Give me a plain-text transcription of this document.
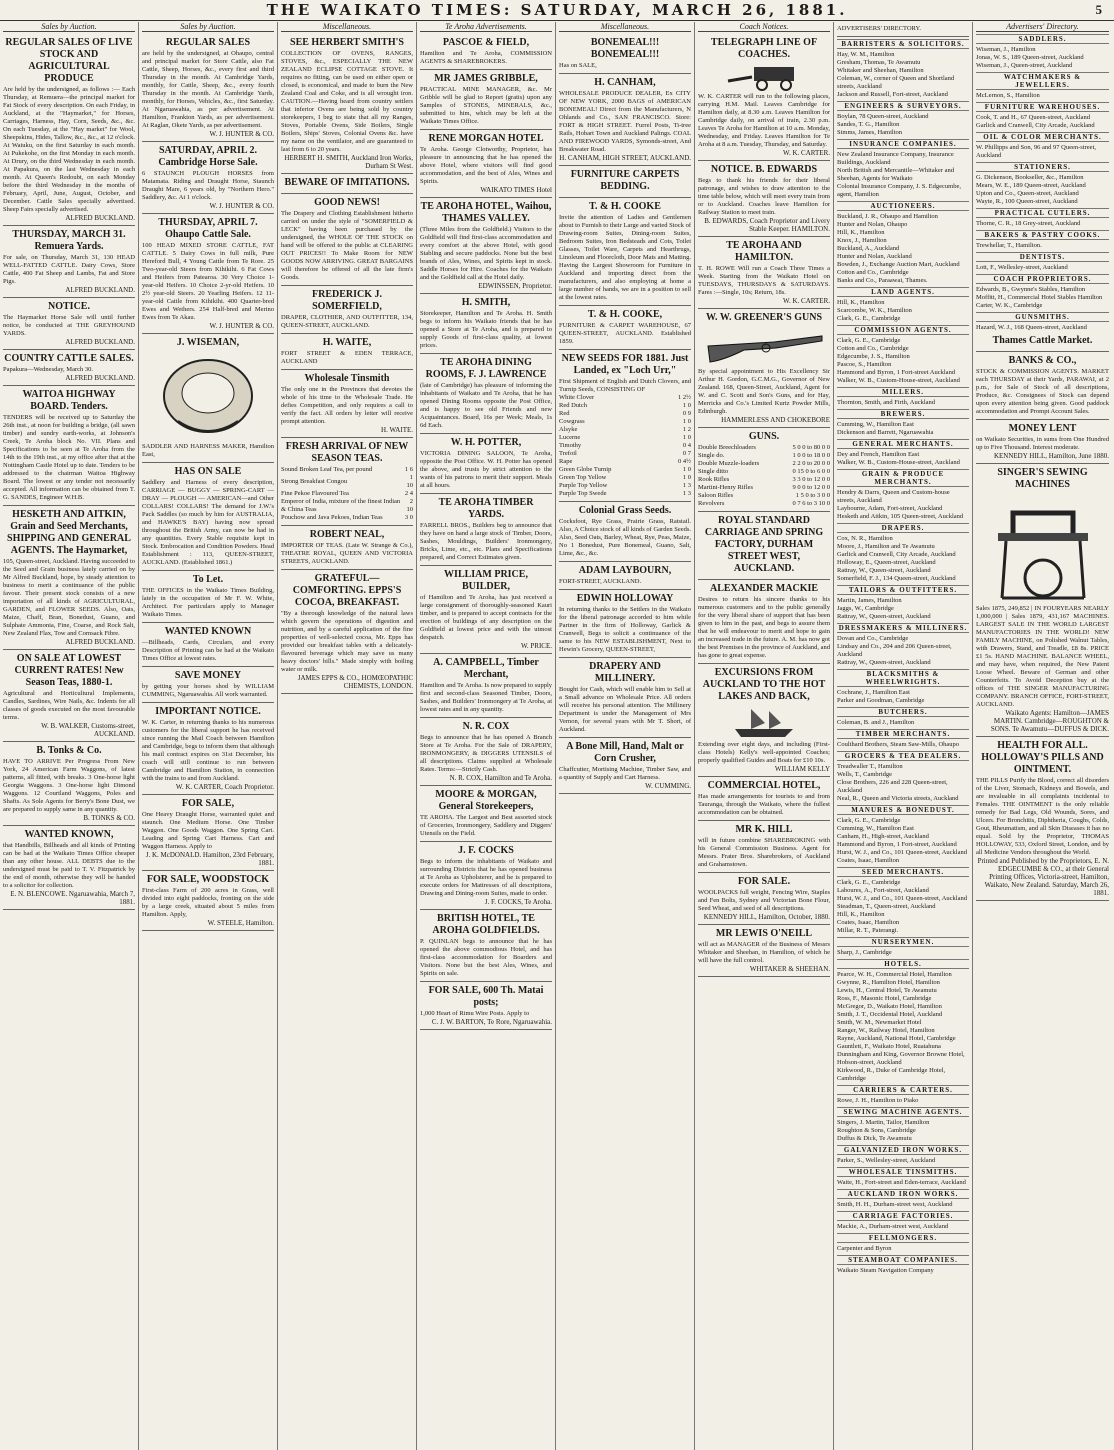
THE WAIKATO TIMES: SATURDAY, MARCH 26, 1881.	5
Sales by Auction.
REGULAR SALES OF LIVE STOCK AND AGRICULTURAL PRODUCE
Are held by the undersigned, as follows :— Each Thursday, at Remuera—the principal market for Fat Stock of every description. On each Friday, in Auckland, at the "Haymarket," for Horses, Carriages, Harness, Hay, Corn, Seeds, &c., &c. On each Tuesday, at the "Hay market" for Wool, Sheepskins, Hides, Tallow, &c., &c., at 12 o'clock. At Waiuku, on the first Saturday in each month. At Pukekohe, on the first Monday in each month. At Drury, on the third Wednesday in each month. At Papakura, on the last Wednesday in each month. At Queen's Redoubt, on each Monday before the third Wednesday in the months of February, April, June, August, October, and December. Cattle Sales specially advertised. Sheep Fairs specially advertised.
ALFRED BUCKLAND.
THURSDAY, MARCH 31. Remuera Yards.
For sale, on Thursday, March 31, 130 HEAD WELL-FATTED CATTLE. Dairy Cows, Store Cattle, 400 Fat Sheep and Lambs, Fat and Store Pigs.
ALFRED BUCKLAND.
NOTICE.
The Haymarket Horse Sale will until further notice, be conducted at THE GREYHOUND YARDS.
ALFRED BUCKLAND.
COUNTRY CATTLE SALES.
Papakura—Wednesday, March 30.
ALFRED BUCKLAND.
WAITOA HIGHWAY BOARD. Tenders.
TENDERS will be received up to Saturday the 26th inst., at noon for building a bridge, (all sawn timber) and sundry earth-works, at Johnson's Creek, Te Aroha block No. VII. Plans and Specifications to be seen at Te Aroha from the 14th to the 19th inst., at my office after that at the Nottingham Castle Hotel up to date. Tenders to be addressed to the chairman Waitoa Highway Board. The lowest or any tender not necessarily accepted. All information can be obtained from T. G. SANDES, Engineer W.H.B.
HESKETH AND AITKIN, Grain and Seed Merchants, SHIPPING AND GENERAL AGENTS. The Haymarket,
105, Queen-street, Auckland. Having succeeded to the Seed and Grain business lately carried on by Mr Alfred Buckland, hope, by steady attention to business to merit a continuance of the public favour. Their present stock consists of a new importation of all kinds of AGRICULTURAL, GARDEN, and FLOWER SEEDS. Also, Oats, Maize, Chaff, Bran, Bonedust, Guano, and Sulphate Ammonia, Fine, Coarse, and Rock Salt, New Zealand Flax, Tow and Cornsack Fibre.
ALFRED BUCKLAND.
ON SALE AT LOWEST CURRENT RATES! New Season Teas, 1880-1.
Agricultural and Horticultural Implements, Candles, Sardines, Wire Nails, &c. Indents for all classes of goods executed on the most favourable terms.
W. B. WALKER, Customs-street, AUCKLAND.
B. Tonks & Co.
HAVE TO ARRIVE Per Progress From New York, 24 American Farm Waggons, of latest patterns, all fitted, with breaks. 3 One-horse light Georgia Waggons. 3 One-horse light Dimond Waggons. 12 Courtland Waggons, Poles and Shafts. As Sole Agents for Berry's Bone Dust, we are prepared to supply same in any quantity.
B. TONKS & CO.
WANTED KNOWN,
that Handbills, Billheads and all kinds of Printing can be had at the Waikato Times Office cheaper than any other house. ALL DEBTS due to the undersigned must be paid to T. V. Fitzpatrick by the end of month, otherwise they will be handed to a solicitor for collection.
E. N. BLENCOWE. Ngaruawahia, March 7, 1881.
Sales by Auction.
REGULAR SALES
are held by the undersigned, at Ohaupo, central and principal market for Store Cattle, also Fat Cattle, Sheep, Horses, &c., every first and third Thursday in the month. At Cambridge Yards, monthly, for Cattle, Sheep, &c., every fourth Thursday in the month. At Cambridge Yards, monthly, for Horses, Vehicles, &c., first Saturday. At Ngaruawahia, as per advertisement. At Hamilton, Frankton Yards, as per advertisement. At Raglan, Okete Yards, as per advertisement.
W. J. HUNTER & CO.
SATURDAY, APRIL 2. Cambridge Horse Sale.
6 STAUNCH PLOUGH HORSES from Matamata. Riding and Draught Horse, Staunch Draught Mare, 6 years old, by "Northern Hero." Saddlery, &c. At 1 o'clock.
W. J. HUNTER & CO.
THURSDAY, APRIL 7. Ohaupo Cattle Sale.
100 HEAD MIXED STORE CATTLE, FAT CATTLE. 5 Dairy Cows in full milk, Pure Hereford Bull, 4 Young Cattle from Te Rore. 25 Two-year-old Steers from Kihikihi. 6 Fat Cows and Heifers from Patearoa. 30 Very Choice 1-year-old Heifers. 10 Choice 2-yr-old Heifers. 10 2½ year-old Steers. 20 Yearling Heifers. 12 11-year-old Cattle from Kihikihi. 400 Quarter-bred Ewes and Wethers. 254 Half-bred and Merino Ewes from Te Akau.
W. J. HUNTER & CO.
J. WISEMAN,
SADDLER AND HARNESS MAKER, Hamilton East,
HAS ON SALE
Saddlery and Harness of every description, CARRIAGE — BUGGY — SPRING-CART — DRAY — PLOUGH — AMERICAN—and Other COLLARS! COLLARS! The demand for J.W.'s Pack Saddles (so much by him for AUSTRALIA, and HAWKE'S BAY) having now spread throughout the British Army, can now be had in any quantities. Every Stable requisite kept in Stock. Embrocation and Condition Powders. Head Establishment : 113, QUEEN-STREET, AUCKLAND. (Established 1861.)
To Let.
THE OFFICES in the Waikato Times Building, lately in the occupation of Mr F. W. White, Architect. For particulars apply to Manager Waikato Times.
WANTED KNOWN
—Billheads, Cards, Circulars, and every Description of Printing can be had at the Waikato Times Office at lowest rates.
SAVE MONEY
by getting your horses shod by WILLIAM CUMMING, Ngaruawahia. All work warranted.
IMPORTANT NOTICE.
W. K. Carter, in returning thanks to his numerous customers for the liberal support he has received since running the Mail Coach between Hamilton and Cambridge, begs to inform them that although his mail contract expires on 31st December, his coach will still continue to run between Cambridge and Hamilton Station, in connection with the trains to and from Auckland.
W. K. CARTER, Coach Proprietor.
FOR SALE,
One Heavy Draught Horse, warranted quiet and staunch. One Medium Horse. One Timber Waggon. One Goods Waggon. One Spring Cart. Leading and Spring Cart Harness. Cart and Waggon Harness. Apply to
J. K. McDONALD. Hamilton, 23rd February, 1881.
FOR SALE, WOODSTOCK
First-class Farm of 200 acres in Grass, well divided into eight paddocks, fronting on the side by a large creek, situated about 5 miles from Hamilton. Apply,
W. STEELE, Hamilton.
Miscellaneous.
SEE HERBERT SMITH'S
COLLECTION OF OVENS, RANGES, STOVES, &c., ESPECIALLY THE NEW ZEALAND ECLIPSE COTTAGE STOVE. It requires no fitting, can be used on either open or closed, is economical, and made to burn the New Zealand Coal and Coke, and is all wrought iron. CAUTION.—Having heard from country settlers that inferior Ovens are being sold by country storekeepers, I beg to state that all my Ranges, Stoves, Portable Ovens, Side Boilers, Single Boilers, Ships' Stoves, Colonial Ovens &c. have my name on the ventilator, and are guaranteed to last from 6 to 20 years.
HERBERT H. SMITH, Auckland Iron Works, Durham St West.
BEWARE OF IMITATIONS.
GOOD NEWS!
The Drapery and Clothing Establishment hitherto carried on under the style of "SOMERFIELD & LECK" having been purchased by the undersigned, the WHOLE OF THE STOCK on hand will be offered to the public at CLEARING OUT PRICES!! To Make Room for NEW GOODS NOW ARRIVING. GREAT BARGAINS will therefore be offered of all the late firm's Goods.
FREDERICK J. SOMERFIELD,
DRAPER, CLOTHIER, AND OUTFITTER, 134, QUEEN-STREET, AUCKLAND.
H. WAITE,
FORT STREET & EDEN TERRACE, AUCKLAND
Wholesale Tinsmith
The only one in the Provinces that devotes the whole of his time to the Wholesale Trade. He defies Competition, and only requires a call to verify the fact. All orders by letter will receive prompt attention.
H. WAITE.
FRESH ARRIVAL OF NEW SEASON TEAS.
Sound Broken Leaf Tea, per pound	1 6
Strong Breakfast Congou	1 10
Fine Pekoe Flavoured Tea	2 4
Emperor of India, mixture of the finest Indian & China Teas	2 10
Pouchow and Java Pekoes, Indian Teas	3 0
ROBERT NEAL,
IMPORTER OF TEAS. (Late W. Strange & Co.), THEATRE ROYAL, QUEEN AND VICTORIA STREETS, AUCKLAND.
GRATEFUL—COMFORTING. EPPS'S COCOA, BREAKFAST.
"By a thorough knowledge of the natural laws which govern the operations of digestion and nutrition, and by a careful application of the fine properties of well-selected cocoa, Mr. Epps has provided our breakfast tables with a delicately-flavoured beverage which may save us many heavy doctors' bills." Made simply with boiling water or milk.
JAMES EPPS & CO., HOMŒOPATHIC CHEMISTS, LONDON.
Te Aroha Advertisements.
PASCOE & FIELD,
Hamilton and Te Aroha, COMMISSION AGENTS & SHAREBROKERS.
MR JAMES GRIBBLE,
PRACTICAL MINE MANAGER, &c. Mr Gribble will be glad to Report (gratis) upon any Samples of STONES, MINERALS, &c., submitted to him, which may be left at the Waikato Times Office.
RENE MORGAN HOTEL
Te Aroha. George Clotworthy, Proprietor, has pleasure in announcing that he has opened the above Hotel, where visitors will find good accommodation, and the best of Ales, Wines and Spirits.
WAIKATO TIMES Hotel
TE AROHA HOTEL, Waihou, THAMES VALLEY.
(Three Miles from the Goldfield.) Visitors to the Goldfield will find first-class accommodation and every comfort at the above Hotel, with good Stabling and secure paddocks. None but the best brands of Ales, Wines, and Spirits kept in stock. Saddle Horses for Hire. Coaches for the Waikato and the Goldfield call at the Hotel daily.
EDWINSSEN, Proprietor.
H. SMITH,
Storekeeper, Hamilton and Te Aroha. H. Smith begs to inform his Waikato friends that he has opened a Store at Te Aroha, and is prepared to supply Goods of first-class quality, at lowest prices.
TE AROHA DINING ROOMS, F. J. LAWRENCE
(late of Cambridge) has pleasure of informing the inhabitants of Waikato and Te Aroha, that he has opened Dining Rooms opposite the Post Office, and is happy to see old Friends and new Acquaintances. Board, 16s per Week; Meals, 1s 6d Each.
W. H. POTTER,
VICTORIA DINING SALOON, Te Aroha, opposite the Post Office. W. H. Potter has opened the above, and trusts by strict attention to the wants of his patrons to merit their support. Meals at all hours.
TE AROHA TIMBER YARDS.
FARRELL BROS., Builders beg to announce that they have on hand a large stock of Timber, Doors, Sashes, Mouldings, Builders' Ironmongery, Bricks, Lime, etc., etc. Plans and Specifications prepared, and Correct Estimates given.
WILLIAM PRICE, BUILDER,
of Hamilton and Te Aroha, has just received a large consignment of thoroughly-seasoned Kauri timber, and is prepared to accept contracts for the erection of buildings of any description on the Goldfield at lowest price and with the utmost despatch.
W. PRICE.
A. CAMPBELL, Timber Merchant,
Hamilton and Te Aroha. Is now prepared to supply first and second-class Seasoned Timber, Doors, Sashes, and Builders' Ironmongery at Te Aroha, at lowest rates and in any quantity.
N. R. COX
Begs to announce that he has opened A Branch Store at Te Aroha. For the Sale of DRAPERY, IRONMONGERY, & DIGGERS UTENSILS of all descriptions. Claims supplied at Wholesale Rates. Terms:—Strictly Cash.
N. R. COX, Hamilton and Te Aroha.
MOORE & MORGAN, General Storekeepers,
TE AROHA. The Largest and Best assorted stock of Groceries, Ironmongery, Saddlery and Diggers' Utensils on the Field.
J. F. COCKS
Begs to inform the inhabitants of Waikato and surrounding Districts that he has opened business at Te Aroha as Upholsterer, and he is prepared to execute orders for Mattresses of all descriptions, Drawing and Dining-room Suites, made to order.
J. F. COCKS, Te Aroha.
BRITISH HOTEL, TE AROHA GOLDFIELDS.
P. QUINLAN begs to announce that he has opened the above commodious Hotel, and has first-class accommodation for Boarders and Visitors. None but the best Ales, Wines, and Spirits on sale.
FOR SALE, 600 Th. Matai posts;
1,000 Heart of Rimu Wire Posts. Apply to
C. J. W. BARTON, Te Rore, Ngaruawahia.
Miscellaneous.
BONEMEAL!!! BONEMEAL!!!
Has on SALE,
H. CANHAM,
WHOLESALE PRODUCE DEALER, Ex CITY OF NEW YORK, 2000 BAGS of AMERICAN BONEMEAL! Direct from the Manufacturers, N Ohlands and Co., SAN FRANCISCO. Store: FORT & HIGH STREET. Furrel Posts, Ti-tree Rails, Hobart Town and Auckland Palings. COAL AND FIREWOOD YARDS, Symonds-street, And Breakwater Road.
H. CANHAM, HIGH STREET, AUCKLAND.
FURNITURE CARPETS BEDDING.
T. & H. COOKE
Invite the attention of Ladies and Gentlemen about to Furnish to their Large and varied Stock of Drawing-room Suites, Dining-room Suites, Bedroom Suites, Iron Bedsteads and Cots, Toilet Glasses, Toilet Ware, Carpets and Hearthrugs, Linoleum and Floorcloth, Door Mats and Matting. Having the Largest Showroom for Furniture in Auckland and importing direct from the manufacturers, and also employing at home a large number of hands, we are in a position to sell at the lowest rates.
T. & H. COOKE,
FURNITURE & CARPET WAREHOUSE, 67 QUEEN-STREET, AUCKLAND. Established 1859.
NEW SEEDS FOR 1881. Just Landed, ex "Loch Urr,"
First Shipment of English and Dutch Clovers, and Turnip Seeds, CONSISTING OF
White Clover	1 2½
Red Dutch	1 0
Red	0 9
Cowgrass	1 0
Alsyke	1 2
Lucerne	1 0
Timothy	0 4
Trefoil	0 7
Rape	0 4½
Green Globe Turnip	1 0
Green Top Yellow	1 0
Purple Top Yellow	1 3
Purple Top Swede	1 3
Colonial Grass Seeds.
Cocksfoot, Rye Grass, Prairie Grass, Ratstail. Also, A Choice stock of all kinds of Garden Seeds. Also, Seed Oats, Barley, Wheat, Rye, Peas, Maize, No 1 Bonedust, Pure Bonemeal, Guano, Salt, Lime, &c., &c.
ADAM LAYBOURN,
FORT-STREET, AUCKLAND.
EDWIN HOLLOWAY
In returning thanks to the Settlers in the Waikato for the liberal patronage accorded to him while Partner in the firm of Holloway, Garlick & Cranwell, Begs to solicit a continuance of the same to his NEW ESTABLISHMENT, Next to Hewin's Grocery, QUEEN-STREET,
DRAPERY AND MILLINERY.
Bought for Cash, which will enable him to Sell at a Small advance on Wholesale Price. All orders will receive his personal attention. The Millinery Department is under the Management of Mrs Vernon, for several years with Mr T. Short, of Auckland.
A Bone Mill, Hand, Malt or Corn Crusher,
Chaffcutter, Mortising Machine, Timber Saw, and a quantity of Supply and Cart Harness.
W. CUMMING.
Coach Notices.
TELEGRAPH LINE OF COACHES.
W. K. CARTER will run to the following places, carrying H.M. Mail. Leaves Cambridge for Hamilton daily, at 8.30 a.m. Leaves Hamilton for Cambridge daily, on arrival of train, 2.30 p.m. Leaves Te Aroha for Hamilton at 10 a.m. Monday, Wednesday, and Friday. Leaves Hamilton for Te Aroha at 8 a.m. Tuesday, Thursday, and Saturday.
W. K. CARTER.
NOTICE. B. EDWARDS
Begs to thank his friends for their liberal patronage, and wishes to draw attention to the time table below, which will meet every train from or to Auckland. Coaches leave Hamilton for Railway Station to meet train.
B. EDWARDS, Coach Proprietor and Livery Stable Keeper. HAMILTON.
TE AROHA AND HAMILTON.
T. H. ROWE Will run a Coach Three Times a Week. Starting from the Waikato Hotel on TUESDAYS, THURSDAYS & SATURDAYS. Fares :—Single, 10s; Return, 18s.
W. K. CARTER.
W. W. GREENER'S GUNS
By special appointment to His Excellency Sir Arthur H. Gordon, G.C.M.G., Governor of New Zealand. 168, Queen-Street, Auckland, Agent for W. and C. Scott and Son's Guns, and for Hay, Merricks and Co.'s Limited Kurtz Powder Mills, Edinburgh.
HAMMERLESS AND CHOKEBORE
GUNS.
Double Breechloaders	5 0 0 to 80 0 0
Single do.	1 0 0 to 18 0 0
Double Muzzle-loaders	2 2 0 to 20 0 0
Single ditto	0 15 0 to 6 0 0
Rook Rifles	3 3 0 to 12 0 0
Martini-Henry Rifles	9 0 0 to 12 0 0
Saloon Rifles	1 5 0 to 3 0 0
Revolvers	0 7 6 to 3 10 0
ROYAL STANDARD CARRIAGE AND SPRING FACTORY, DURHAM STREET WEST, AUCKLAND.
ALEXANDER MACKIE
Desires to return his sincere thanks to his numerous customers and to the public generally for the very liberal share of support that has been given to him in the past, and begs to assure them that he will endeavour to merit and hope to gain an increased trade in the future. A. M. has now got the best Premises in the province of Auckland, and has gone to great expense.
EXCURSIONS FROM AUCKLAND TO THE HOT LAKES AND BACK,
Extending over eight days, and including (First-class Hotels) Kelly's well-appointed Coaches; properly qualified Guides and Boats for £10 10s.
WILLIAM KELLY
COMMERCIAL HOTEL,
Has made arrangements for tourists to and from Tauranga, through the Waikato, where the fullest accommodation can be obtained.
MR K. HILL
will in future combine SHAREBROKING with his General Commission Business. Agent for Messrs. Frater Bros. Sharebrokers, of Auckland and Grahamstown.
FOR SALE.
WOOLPACKS full weight, Fencing Wire, Staples and Fen Bolts, Sydney and Victorian Bone Flour, Seed Wheat, and seed of all descriptions.
KENNEDY HILL, Hamilton, October, 1880.
MR LEWIS O'NEILL
will act as MANAGER of the Business of Messrs Whitaker and Sheehan, in Hamilton, of which he will have the full control.
WHITAKER & SHEEHAN.
ADVERTISERS' DIRECTORY.
BARRISTERS & SOLICITORS.
Hay, W. M., Hamilton
Gresham, Thomas, Te Awamutu
Whitaker and Sheehan, Hamilton
Coleman, W., corner of Queen and Shortland streets, Auckland
Jackson and Russell, Fort-street, Auckland
ENGINEERS & SURVEYORS.
Boylan, 78 Queen-street, Auckland
Sandes, T. G., Hamilton
Simms, James, Hamilton
INSURANCE COMPANIES.
New Zealand Insurance Company, Insurance Buildings, Auckland
North British and Mercantile—Whitaker and Sheehan, Agents for Waikato
Colonial Insurance Company, J. S. Edgecumbe, agent, Hamilton
AUCTIONEERS.
Buckland, J. R., Ohaupo and Hamilton
Hunter and Nolan, Ohaupo
Hill, K., Hamilton
Knox, J., Hamilton
Buckland, A., Auckland
Hunter and Nolan, Auckland
Bowden, J., Exchange Auction Mart, Auckland
Cotton and Co., Cambridge
Banks and Co., Paraawai, Thames.
LAND AGENTS.
Hill, K., Hamilton
Scarcombe, W. K., Hamilton
Clark, G. E., Cambridge
COMMISSION AGENTS.
Clark, G. E., Cambridge
Cotton and Co., Cambridge
Edgecumbe, J. S., Hamilton
Pascoe, S., Hamilton
Hammond and Byron, 1 Fort-street Auckland
Walker, W. B., Custom-House-street, Auckland
MILLERS.
Thornton, Smith, and Firth, Auckland
BREWERS.
Cumming, W., Hamilton East
Dickenson and Barrett, Ngaruawahia
GENERAL MERCHANTS.
Dey and French, Hamilton East
Walker, W. B., Custom-House-street, Auckland
GRAIN & PRODUCE MERCHANTS.
Hendry & Darrs, Queen and Custom-house streets, Auckland
Laybourne, Adam, Fort-street, Auckland
Hesketh and Aitkin, 105 Queen-street, Auckland
DRAPERS.
Cox, N. R., Hamilton
Moore, J., Hamilton and Te Awamutu
Garlick and Cranwell, City Arcade, Auckland
Holloway, E., Queen-street, Auckland
Rattray, W., Queen-street, Auckland
Somerfield, F. J., 134 Queen-street, Auckland
TAILORS & OUTFITTERS.
Martin, James, Hamilton
Jaggs, W., Cambridge
Rattray, W., Queen-street, Auckland
DRESSMAKERS & MILLINERS.
Dovan and Co., Cambridge
Lindsay and Co., 204 and 206 Queen-street, Auckland
Rattray, W., Queen-street, Auckland
BLACKSMITHS & WHEELWRIGHTS.
Cochrane, J., Hamilton East
Parker and Goodman, Cambridge
BUTCHERS.
Coleman, B. and J., Hamilton
TIMBER MERCHANTS.
Coulthard Brothers, Steam Saw-Mills, Ohaupo
GROCERS & TEA DEALERS.
Treadwaller T., Hamilton
Wells, T., Cambridge
Close Brothers, 226 and 228 Queen-street, Auckland
Neal, R., Queen and Victoria streets, Auckland
MANURES & BONEDUST.
Clark, G. E., Cambridge
Cumming, W., Hamilton East
Canham, H., High-street, Auckland
Hammond and Byron, 1 Fort-street, Auckland
Hurst, W. J., and Co., 101 Queen-street, Auckland
Coates, Isaac, Hamilton
SEED MERCHANTS.
Clark, G. E., Cambridge
Laboures, A., Fort-street, Auckland
Hurst, W. J., and Co., 101 Queen-street, Auckland
Steadman, T., Queen-street, Auckland
Hill, K., Hamilton
Coates, Isaac, Hamilton
Millar, R. T., Paterangi.
NURSERYMEN.
Sharp, J., Cambridge
HOTELS.
Pearce, W. H., Commercial Hotel, Hamilton
Gwynne, R., Hamilton Hotel, Hamilton
Lewis, H., Central Hotel, Te Awamutu
Ross, F., Masonic Hotel, Cambridge
McGregor, D., Waikato Hotel, Hamilton
Smith, J. T., Occidental Hotel, Auckland
Smith, W. M., Newmarket Hotel
Ranger, W., Railway Hotel, Hamilton
Rayne, Auckland, National Hotel, Cambridge
Gauntlett, F., Waikato Hotel, Ruatahuna
Dunningham and King, Governor Browne Hotel, Hobson-street, Auckland
Kirkwood, R., Duke of Cambridge Hotel, Cambridge
CARRIERS & CARTERS.
Rowe, J. H., Hamilton to Piako
SEWING MACHINE AGENTS.
Singers, J. Martin, Tailor, Hamilton
Roughton & Sons, Cambridge
Duffus & Dick, Te Awamutu
GALVANIZED IRON WORKS.
Parker, S., Wellesley-street, Auckland
WHOLESALE TINSMITHS.
Waite, H., Fort-street and Eden-terrace, Auckland
AUCKLAND IRON WORKS.
Smith, H. H., Durham-street west, Auckland
CARRIAGE FACTORIES.
Mackie, A., Durham-street west, Auckland
FELLMONGERS.
Carpenter and Byron
STEAMBOAT COMPANIES.
Waikato Steam Navigation Company
Advertisers' Directory.
SADDLERS.
Wiseman, J., Hamilton
Jonas, W. S., 189 Queen-street, Auckland
Wiseman, J., Queen-street, Auckland
WATCHMAKERS & JEWELLERS.
McLernon, S., Hamilton
FURNITURE WAREHOUSES.
Cook, T. and H., 67 Queen-street, Auckland
Garlick and Cranwell, City Arcade, Auckland
OIL & COLOR MERCHANTS.
W. Phillipps and Son, 96 and 97 Queen-street, Auckland
STATIONERS.
G. Dickenson, Bookseller, &c., Hamilton
Mears, W. E., 189 Queen-street, Auckland
Upton and Co., Queen-street, Auckland
Wayte, R., 100 Queen-street, Auckland
PRACTICAL CUTLERS.
Thorne, C. R., 18 Grey-street, Auckland
BAKERS & PASTRY COOKS.
Trewhellar, T., Hamilton.
DENTISTS.
Lott, F., Wellesley-street, Auckland
COACH PROPRIETORS.
Edwards, B., Gwynne's Stables, Hamilton
Moffitt, H., Commercial Hotel Stables Hamilton
Carter, W. K., Cambridge
GUNSMITHS.
Hazard, W. J., 168 Queen-street, Auckland
Thames Cattle Market.
BANKS & CO.,
STOCK & COMMISSION AGENTS. MARKET each THURSDAY at their Yards, PARAWAI, at 2 p.m., for Sale of Stock of all descriptions, Produce, &c. Consignees of Stock can depend upon every attention being given. Good paddock accommodation and Prompt Account Sales.
MONEY LENT
on Waikato Securities, in sums from One Hundred up to Five Thousand. Interest moderate.
KENNEDY HILL, Hamilton, June 1880.
SINGER'S SEWING MACHINES
Sales 1875, 249,852 | IN FOURYEARS NEARLY 1,000,000 | Sales 1879, 431,167 MACHINES. LARGEST SALE IN THE WORLD LARGEST MANUFACTORIES IN THE WORLD! NEW FAMILY MACHINE, on Polished Walnut Tables, with Drawers, Stand, and Treadle, £8 8s. PRICE £1 5s. HAND MACHINE. BALANCE WHEEL, and may have, when required, the New Patent Loose Wheel. Beware of German and other Counterfeits. To Avoid Deception buy at the offices of THE SINGER MANUFACTURING COMPANY. BRANCH OFFICE, FORT-STREET, AUCKLAND.
Waikato Agents: Hamilton—JAMES MARTIN. Cambridge—ROUGHTON & SONS. Te Awamutu—DUFFUS & DICK.
HEALTH FOR ALL. HOLLOWAY'S PILLS AND OINTMENT.
THE PILLS Purify the Blood, correct all disorders of the Liver, Stomach, Kidneys and Bowels, and are invaluable in all complaints incidental to Females. THE OINTMENT is the only reliable remedy for Bad Legs, Old Wounds, Sores, and Ulcers. For Bronchitis, Diphtheria, Coughs, Colds, Gout, Rheumatism, and all Skin Diseases it has no equal. Sold by the Proprietor, THOMAS HOLLOWAY, 533, Oxford Street, London, and by all Medicine Vendors throughout the World.
Printed and Published by the Proprietors, E. N. EDGECUMBE & CO., at their General Printing Offices, Victoria-street, Hamilton, Waikato, New Zealand. Saturday, March 26, 1881.
